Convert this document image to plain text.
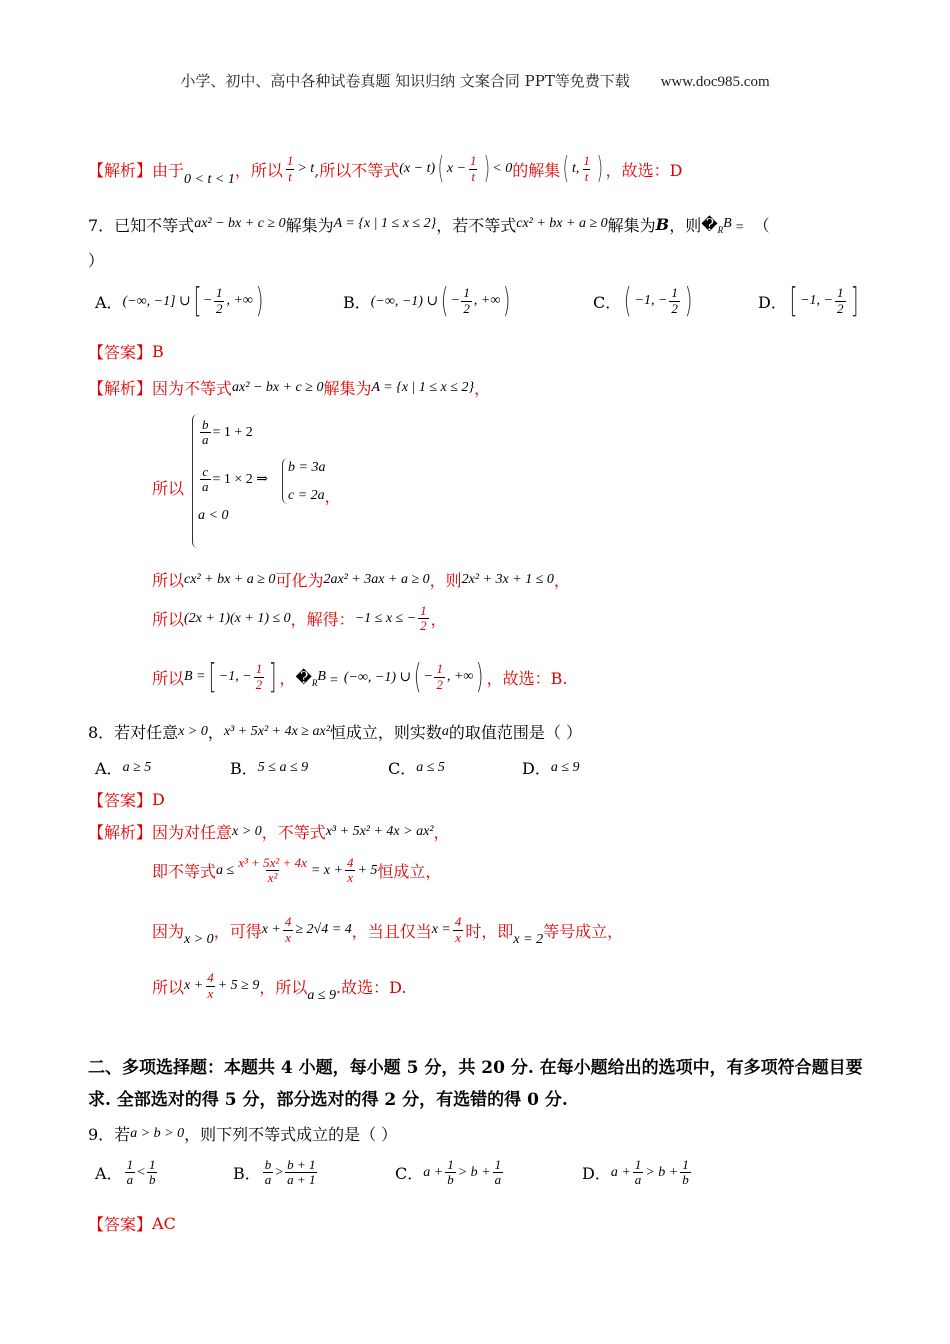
小学、初中、高中各种试卷真题 知识归纳 文案合同 PPT等免费下载 www.doc985.com
【解析】 由于 0 < t < 1 ，所以 $\frac{1}{t} > t$ ,所以不等式 (x − t) ( $x - \frac{1}{t}$ ) < 0 的解集 ( t, $\frac{1}{t}$ ) ，故选：D
7．已知不等式 ax² − bx + c ≥ 0 解集为 A = {x | 1 ≤ x ≤ 2} ，若不等式 cx² + bx + a ≥ 0 解集为 B ，则 � R B = （
）
A． (−∞, −1] ∪ [ − $\frac{1}{2}$ , +∞ )	B． (−∞, −1) ∪ ( − $\frac{1}{2}$ , +∞ )	C． ( −1, − $\frac{1}{2}$ )	D． [ −1, − $\frac{1}{2}$ ]
【答案】 B
【解析】 因为不等式 ax² − bx + c ≥ 0 解集为 A = {x | 1 ≤ x ≤ 2} ，
所以
$\frac{b}{a} = 1 + 2$
$\frac{c}{a} = 1 \times 2$ ⇒
a < 0
b = 3a
c = 2a ，
所以 cx² + bx + a ≥ 0 可化为 2ax² + 3ax + a ≥ 0 ，则 2x² + 3x + 1 ≤ 0 ，
所以 (2x + 1)(x + 1) ≤ 0 ，解得： −1 ≤ x ≤ − $\frac{1}{2}$ ，
所以 B = [ −1, − $\frac{1}{2}$ ] ， � R B = (−∞, −1) ∪ ( − $\frac{1}{2}$ , +∞ ) ，故选：B.
8．若对任意 x > 0 ， x³ + 5x² + 4x ≥ ax² 恒成立，则实数 a 的取值范围是（ ）
A． a ≥ 5	B． 5 ≤ a ≤ 9	C． a ≤ 5	D． a ≤ 9
【答案】 D
【解析】 因为对任意 x > 0 ，不等式 x³ + 5x² + 4x > ax² ，
即不等式 $a \le \frac{\text{x³ + 5x² + 4x}}{\text{x²}} = x + \frac{4}{x} + 5$ 恒成立，
因为 x > 0 ，可得 $x + \frac{4}{x} \ge 2√4 = 4$ ，当且仅当 $x = \frac{4}{x}$ 时，即 x = 2 等号成立，
所以 $x + \frac{4}{x} + 5 \ge 9$ ，所以 a ≤ 9 .故选：D.
二、多项选择题：本题共 4 小题，每小题 5 分，共 20 分. 在每小题给出的选项中，有多项符合题目要求. 全部选对的得 5 分，部分选对的得 2 分，有选错的得 0 分.
9．若 a > b > 0 ，则下列不等式成立的是（ ）
A． $\frac{1}{a} < \frac{1}{b}$	B． $\frac{b}{a} > \frac{b + 1}{a + 1}$	C． $a + \frac{1}{b} > b + \frac{1}{a}$	D． $a + \frac{1}{a} > b + \frac{1}{b}$
【答案】 AC
